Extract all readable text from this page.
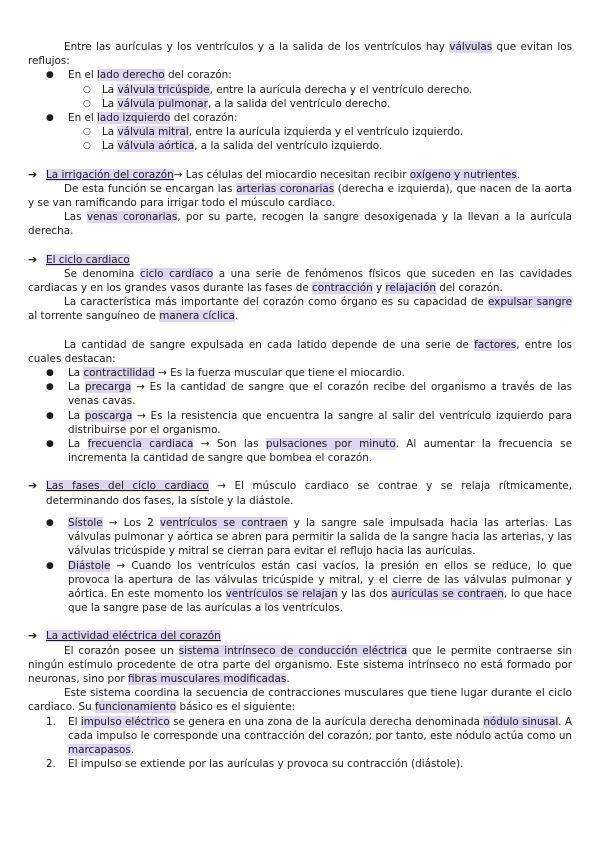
Entre las aurículas y los ventrículos y a la salida de los ventrículos hay válvulas que evitan los reflujos:

● En el lado derecho del corazón:
○ La válvula tricúspide, entre la aurícula derecha y el ventrículo derecho.
○ La válvula pulmonar, a la salida del ventrículo derecho.
● En el lado izquierdo del corazón:
○ La válvula mitral, entre la aurícula izquierda y el ventrículo izquierdo.
○ La válvula aórtica, a la salida del ventrículo izquierdo.
➔ La irrigación del corazón→ Las células del miocardio necesitan recibir oxígeno y nutrientes.

De esta función se encargan las arterias coronarias (derecha e izquierda), que nacen de la aorta y se van ramificando para irrigar todo el músculo cardiaco.

Las venas coronarias, por su parte, recogen la sangre desoxigenada y la llevan a la aurícula derecha.

➔ El ciclo cardiaco

Se denomina ciclo cardíaco a una serie de fenómenos físicos que suceden en las cavidades cardiacas y en los grandes vasos durante las fases de contracción y relajación del corazón.

La característica más importante del corazón como órgano es su capacidad de expulsar sangre al torrente sanguíneo de manera cíclica.

La cantidad de sangre expulsada en cada latido depende de una serie de factores, entre los cuales destacan:

● La contractilidad → Es la fuerza muscular que tiene el miocardio.
● La precarga → Es la cantidad de sangre que el corazón recibe del organismo a través de las venas cavas.
● La poscarga → Es la resistencia que encuentra la sangre al salir del ventrículo izquierdo para distribuirse por el organismo.
● La frecuencia cardiaca → Son las pulsaciones por minuto. Al aumentar la frecuencia se incrementa la cantidad de sangre que bombea el corazón.
➔ Las fases del ciclo cardiaco → El músculo cardiaco se contrae y se relaja rítmicamente, determinando dos fases, la sístole y la diástole.
● Sístole → Los 2 ventrículos se contraen y la sangre sale impulsada hacia las arterias. Las válvulas pulmonar y aórtica se abren para permitir la salida de la sangre hacia las arterias, y las válvulas tricúspide y mitral se cierran para evitar el reflujo hacia las aurículas.
● Diástole → Cuando los ventrículos están casi vacíos, la presión en ellos se reduce, lo que provoca la apertura de las válvulas tricúspide y mitral, y el cierre de las válvulas pulmonar y aórtica. En este momento los ventrículos se relajan y las dos aurículas se contraen, lo que hace que la sangre pase de las aurículas a los ventrículos.
➔ La actividad eléctrica del corazón

El corazón posee un sistema intrínseco de conducción eléctrica que le permite contraerse sin ningún estímulo procedente de otra parte del organismo. Este sistema intrínseco no está formado por neuronas, sino por fibras musculares modificadas.

Este sistema coordina la secuencia de contracciones musculares que tiene lugar durante el ciclo cardiaco. Su funcionamiento básico es el siguiente:

1. El impulso eléctrico se genera en una zona de la aurícula derecha denominada nódulo sinusal. A cada impulso le corresponde una contracción del corazón; por tanto, este nódulo actúa como un marcapasos.
2. El impulso se extiende por las aurículas y provoca su contracción (diástole).
